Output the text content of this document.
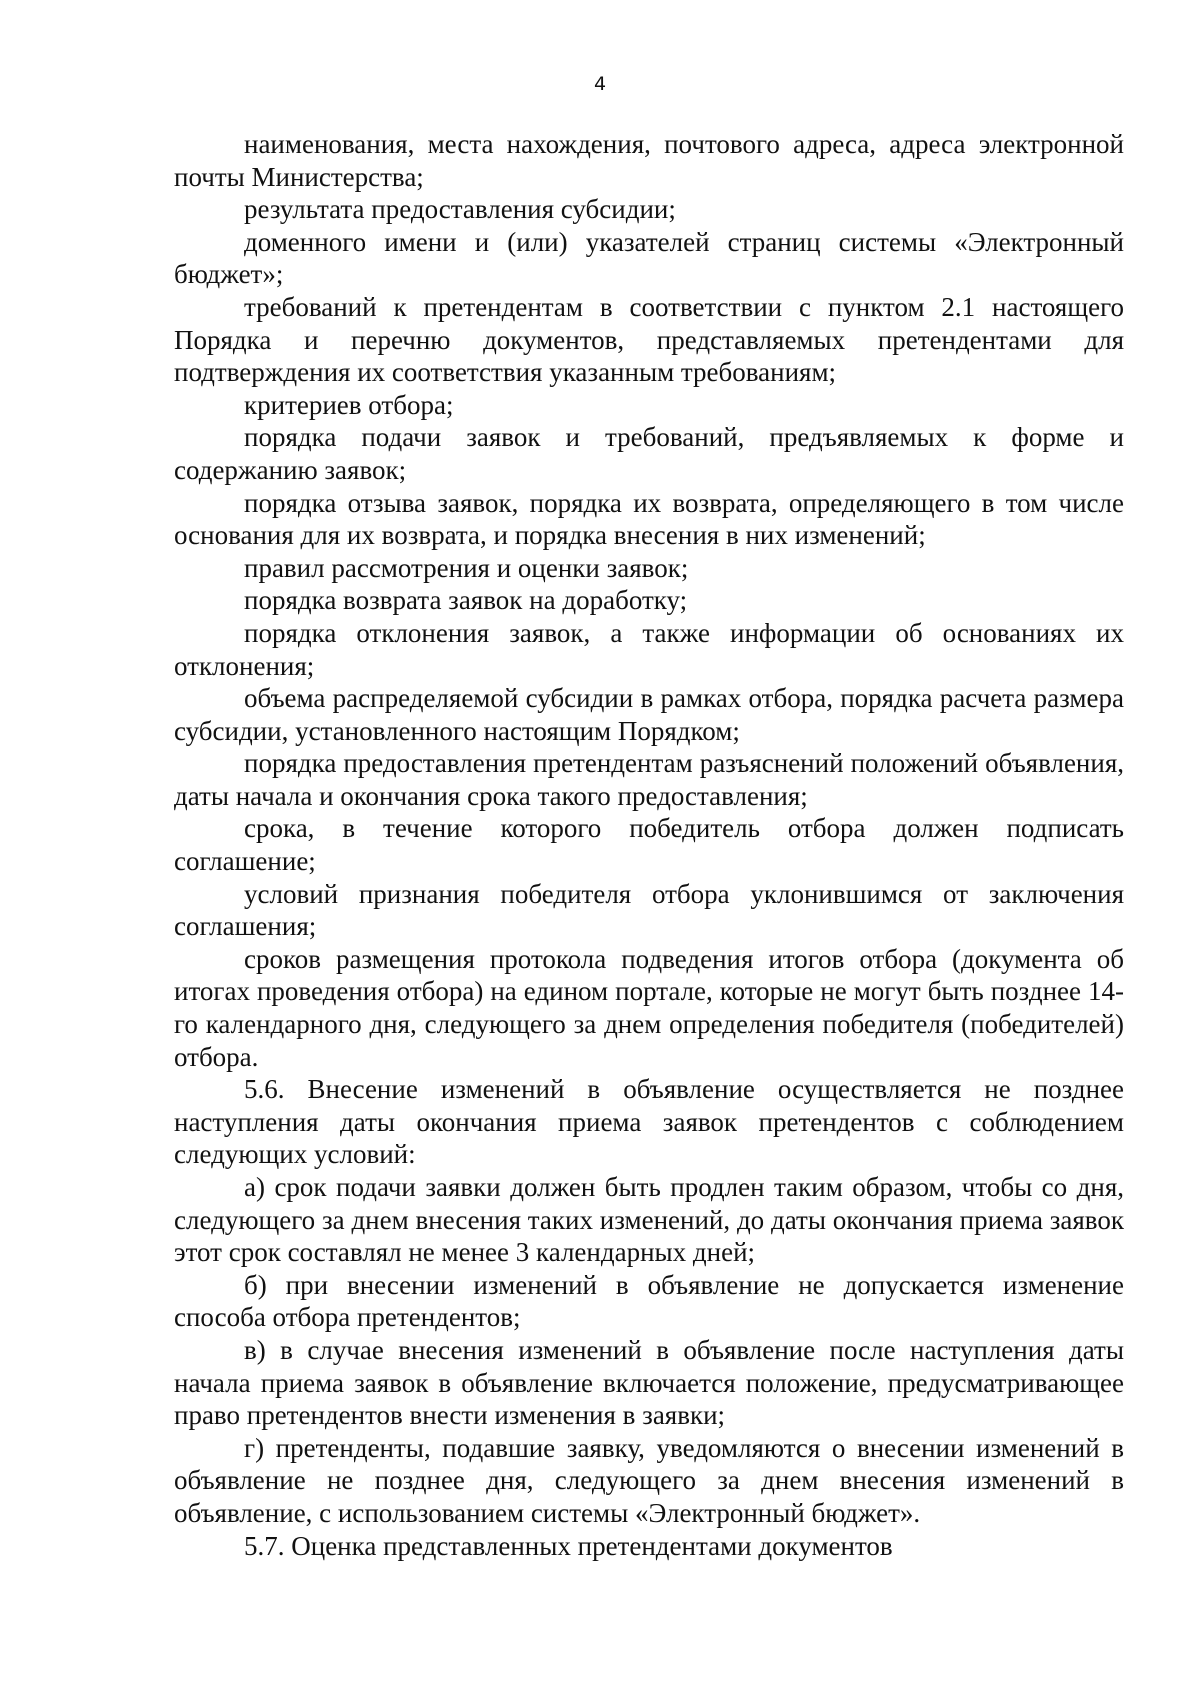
4

наименования, места нахождения, почтового адреса, адреса электронной почты Министерства;

результата предоставления субсидии;

доменного имени и (или) указателей страниц системы «Электронный бюджет»;

требований к претендентам в соответствии с пунктом 2.1 настоящего Порядка и перечню документов, представляемых претендентами для подтверждения их соответствия указанным требованиям;

критериев отбора;

порядка подачи заявок и требований, предъявляемых к форме и содержанию заявок;

порядка отзыва заявок, порядка их возврата, определяющего в том числе основания для их возврата, и порядка внесения в них изменений;

правил рассмотрения и оценки заявок;

порядка возврата заявок на доработку;

порядка отклонения заявок, а также информации об основаниях их отклонения;

объема распределяемой субсидии в рамках отбора, порядка расчета размера субсидии, установленного настоящим Порядком;

порядка предоставления претендентам разъяснений положений объявления, даты начала и окончания срока такого предоставления;

срока, в течение которого победитель отбора должен подписать соглашение;

условий признания победителя отбора уклонившимся от заключения соглашения;

сроков размещения протокола подведения итогов отбора (документа об итогах проведения отбора) на едином портале, которые не могут быть позднее 14-го календарного дня, следующего за днем определения победителя (победителей) отбора.

5.6. Внесение изменений в объявление осуществляется не позднее наступления даты окончания приема заявок претендентов с соблюдением следующих условий:

а) срок подачи заявки должен быть продлен таким образом, чтобы со дня, следующего за днем внесения таких изменений, до даты окончания приема заявок этот срок составлял не менее 3 календарных дней;

б) при внесении изменений в объявление не допускается изменение способа отбора претендентов;

в) в случае внесения изменений в объявление после наступления даты начала приема заявок в объявление включается положение, предусматривающее право претендентов внести изменения в заявки;

г) претенденты, подавшие заявку, уведомляются о внесении изменений в объявление не позднее дня, следующего за днем внесения изменений в объявление, с использованием системы «Электронный бюджет».

5.7. Оценка представленных претендентами документов
